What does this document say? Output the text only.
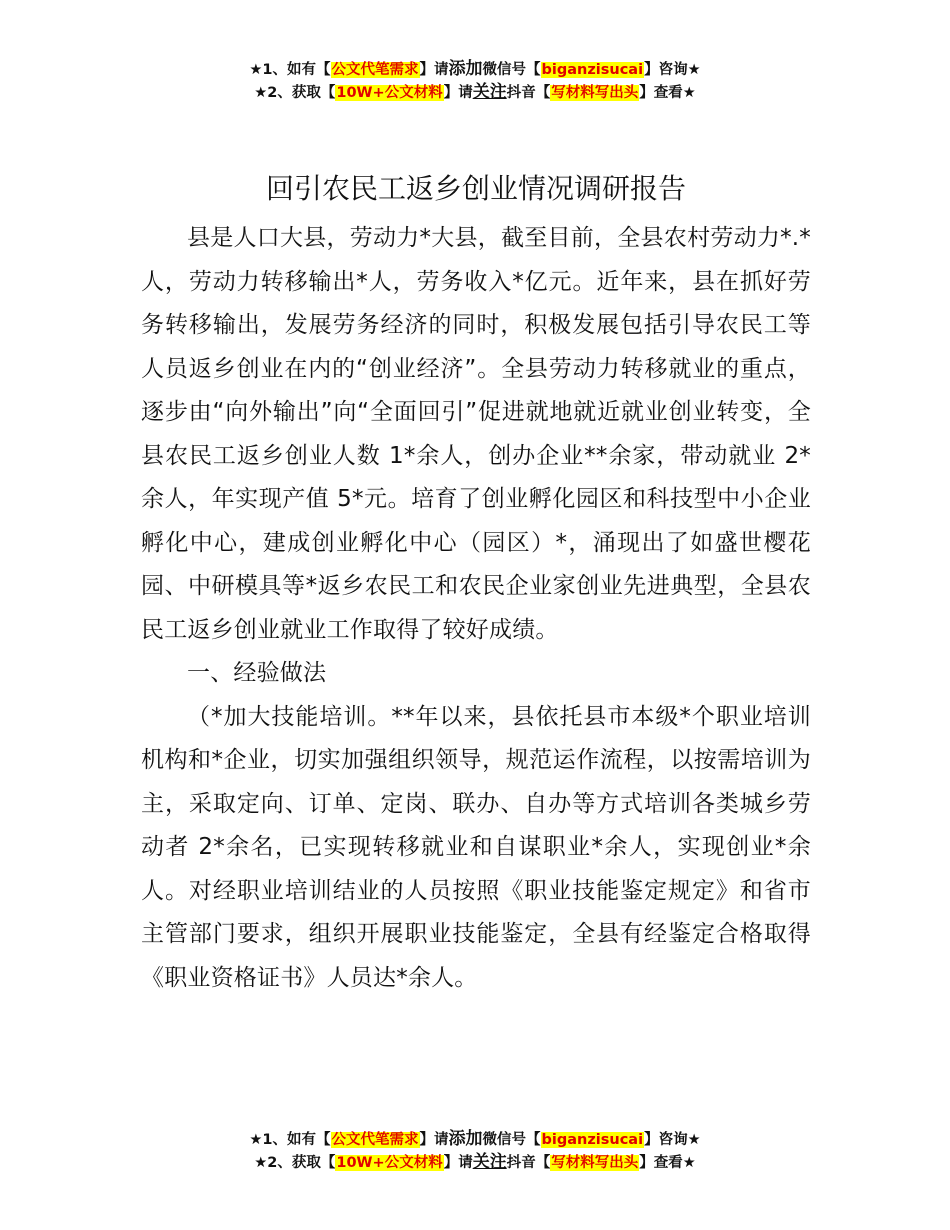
★1、如有【公文代笔需求】请添加微信号【biganzisucai】咨询★
★2、获取【10W+公文材料】请关注抖音【写材料写出头】查看★
回引农民工返乡创业情况调研报告

县是人口大县，劳动力*大县，截至目前，全县农村劳动力*.*人，劳动力转移输出*人，劳务收入*亿元。近年来，县在抓好劳务转移输出，发展劳务经济的同时，积极发展包括引导农民工等人员返乡创业在内的“创业经济”。全县劳动力转移就业的重点，逐步由“向外输出”向“全面回引”促进就地就近就业创业转变，全县农民工返乡创业人数 1*余人，创办企业**余家，带动就业 2*余人，年实现产值 5*元。培育了创业孵化园区和科技型中小企业孵化中心，建成创业孵化中心（园区）*，涌现出了如盛世樱花园、中研模具等*返乡农民工和农民企业家创业先进典型，全县农民工返乡创业就业工作取得了较好成绩。

一、经验做法

（*加大技能培训。**年以来，县依托县市本级*个职业培训机构和*企业，切实加强组织领导，规范运作流程，以按需培训为主，采取定向、订单、定岗、联办、自办等方式培训各类城乡劳动者 2*余名，已实现转移就业和自谋职业*余人，实现创业*余人。对经职业培训结业的人员按照《职业技能鉴定规定》和省市主管部门要求，组织开展职业技能鉴定，全县有经鉴定合格取得《职业资格证书》人员达*余人。

★1、如有【公文代笔需求】请添加微信号【biganzisucai】咨询★
★2、获取【10W+公文材料】请关注抖音【写材料写出头】查看★
